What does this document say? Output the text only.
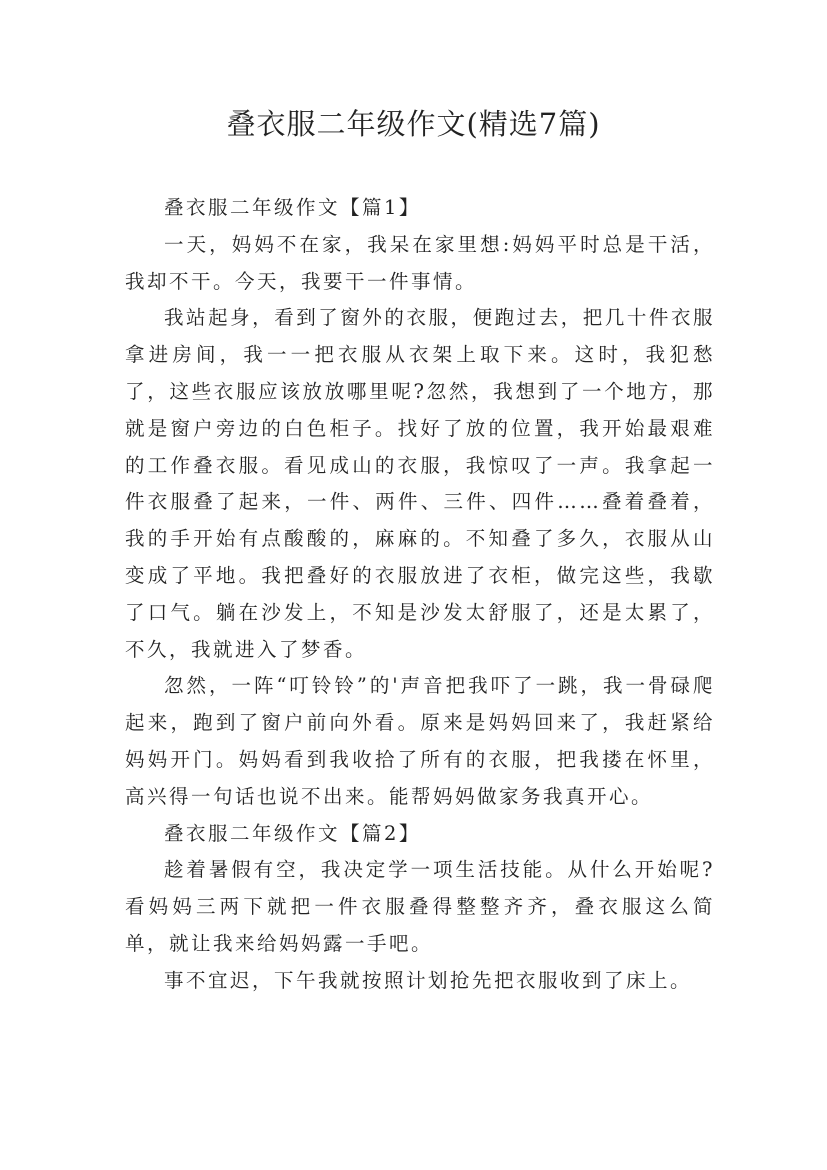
叠衣服二年级作文(精选7篇)

叠衣服二年级作文【篇1】

一天，妈妈不在家，我呆在家里想:妈妈平时总是干活，我却不干。今天，我要干一件事情。

我站起身，看到了窗外的衣服，便跑过去，把几十件衣服拿进房间，我一一把衣服从衣架上取下来。这时，我犯愁了，这些衣服应该放放哪里呢?忽然，我想到了一个地方，那就是窗户旁边的白色柜子。找好了放的位置，我开始最艰难的工作叠衣服。看见成山的衣服，我惊叹了一声。我拿起一件衣服叠了起来，一件、两件、三件、四件……叠着叠着，我的手开始有点酸酸的，麻麻的。不知叠了多久，衣服从山变成了平地。我把叠好的衣服放进了衣柜，做完这些，我歇了口气。躺在沙发上，不知是沙发太舒服了，还是太累了，不久，我就进入了梦香。

忽然，一阵“叮铃铃”的'声音把我吓了一跳，我一骨碌爬起来，跑到了窗户前向外看。原来是妈妈回来了，我赶紧给妈妈开门。妈妈看到我收拾了所有的衣服，把我搂在怀里，高兴得一句话也说不出来。能帮妈妈做家务我真开心。

叠衣服二年级作文【篇2】

趁着暑假有空，我决定学一项生活技能。从什么开始呢?看妈妈三两下就把一件衣服叠得整整齐齐，叠衣服这么简单，就让我来给妈妈露一手吧。

事不宜迟，下午我就按照计划抢先把衣服收到了床上。
